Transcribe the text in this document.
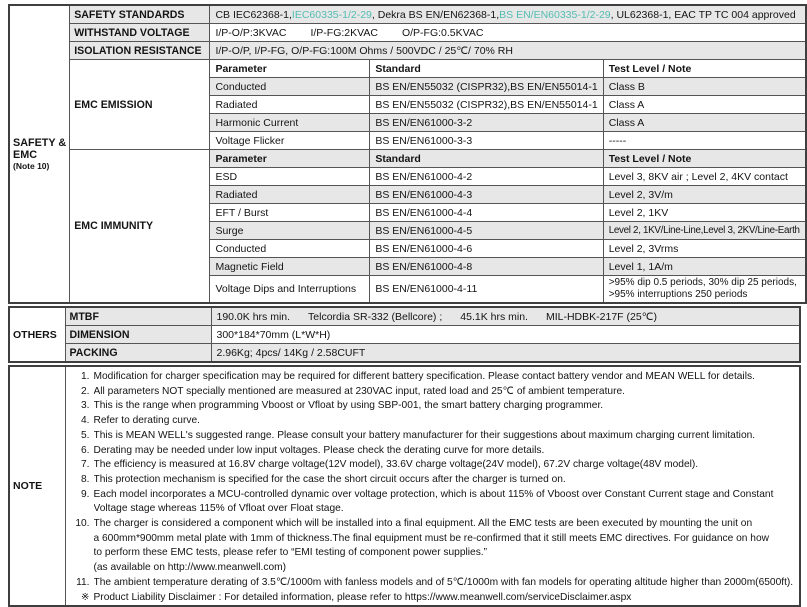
SAFETY &
EMC
(Note 10)	SAFETY STANDARDS	CB IEC62368-1,IEC60335-1/2-29, Dekra BS EN/EN62368-1,BS EN/EN60335-1/2-29, UL62368-1, EAC TP TC 004 approved		
	WITHSTAND VOLTAGE	I/P-O/P:3KVAC I/P-FG:2KVAC O/P-FG:0.5KVAC		
	ISOLATION RESISTANCE	I/P-O/P, I/P-FG, O/P-FG:100M Ohms / 500VDC / 25℃/ 70% RH		
	EMC EMISSION	Parameter	Standard	Test Level / Note
		Conducted	BS EN/EN55032 (CISPR32),BS EN/EN55014-1	Class B
		Radiated	BS EN/EN55032 (CISPR32),BS EN/EN55014-1	Class A
		Harmonic Current	BS EN/EN61000-3-2	Class A
		Voltage Flicker	BS EN/EN61000-3-3	-----
	EMC IMMUNITY	Parameter	Standard	Test Level / Note
		ESD	BS EN/EN61000-4-2	Level 3, 8KV air ; Level 2, 4KV contact
		Radiated	BS EN/EN61000-4-3	Level 2, 3V/m
		EFT / Burst	BS EN/EN61000-4-4	Level 2, 1KV
		Surge	BS EN/EN61000-4-5	Level 2, 1KV/Line-Line,Level 3, 2KV/Line-Earth
		Conducted	BS EN/EN61000-4-6	Level 2, 3Vrms
		Magnetic Field	BS EN/EN61000-4-8	Level 1, 1A/m
		Voltage Dips and Interruptions	BS EN/EN61000-4-11	>95% dip 0.5 periods, 30% dip 25 periods,
>95% interruptions 250 periods
OTHERS	MTBF	190.0K hrs min. Telcordia SR-332 (Bellcore) ; 45.1K hrs min. MIL-HDBK-217F (25℃)
	DIMENSION	300*184*70mm (L*W*H)
	PACKING	2.96Kg; 4pcs/ 14Kg / 2.58CUFT
NOTE	
1. Modification for charger specification may be required for different battery specification. Please contact battery vendor and MEAN WELL for details.
2. All parameters NOT specially mentioned are measured at 230VAC input, rated load and 25℃ of ambient temperature.
3. This is the range when programming Vboost or Vfloat by using SBP-001, the smart battery charging programmer.
4. Refer to derating curve.
5. This is MEAN WELL's suggested range. Please consult your battery manufacturer for their suggestions about maximum charging current limitation.
6. Derating may be needed under low input voltages. Please check the derating curve for more details.
7. The efficiency is measured at 16.8V charge voltage(12V model), 33.6V charge voltage(24V model), 67.2V charge voltage(48V model).
8. This protection mechanism is specified for the case the short circuit occurs after the charger is turned on.
9. Each model incorporates a MCU-controlled dynamic over voltage protection, which is about 115% of Vboost over Constant Current stage and Constant
Voltage stage whereas 115% of Vfloat over Float stage.
10. The charger is considered a component which will be installed into a final equipment. All the EMC tests are been executed by mounting the unit on
a 600mm*900mm metal plate with 1mm of thickness.The final equipment must be re-confirmed that it still meets EMC directives. For guidance on how
to perform these EMC tests, please refer to “EMI testing of component power supplies.”
(as available on http://www.meanwell.com)
11. The ambient temperature derating of 3.5℃/1000m with fanless models and of 5℃/1000m with fan models for operating altitude higher than 2000m(6500ft).
※ Product Liability Disclaimer : For detailed information, please refer to https://www.meanwell.com/serviceDisclaimer.aspx
